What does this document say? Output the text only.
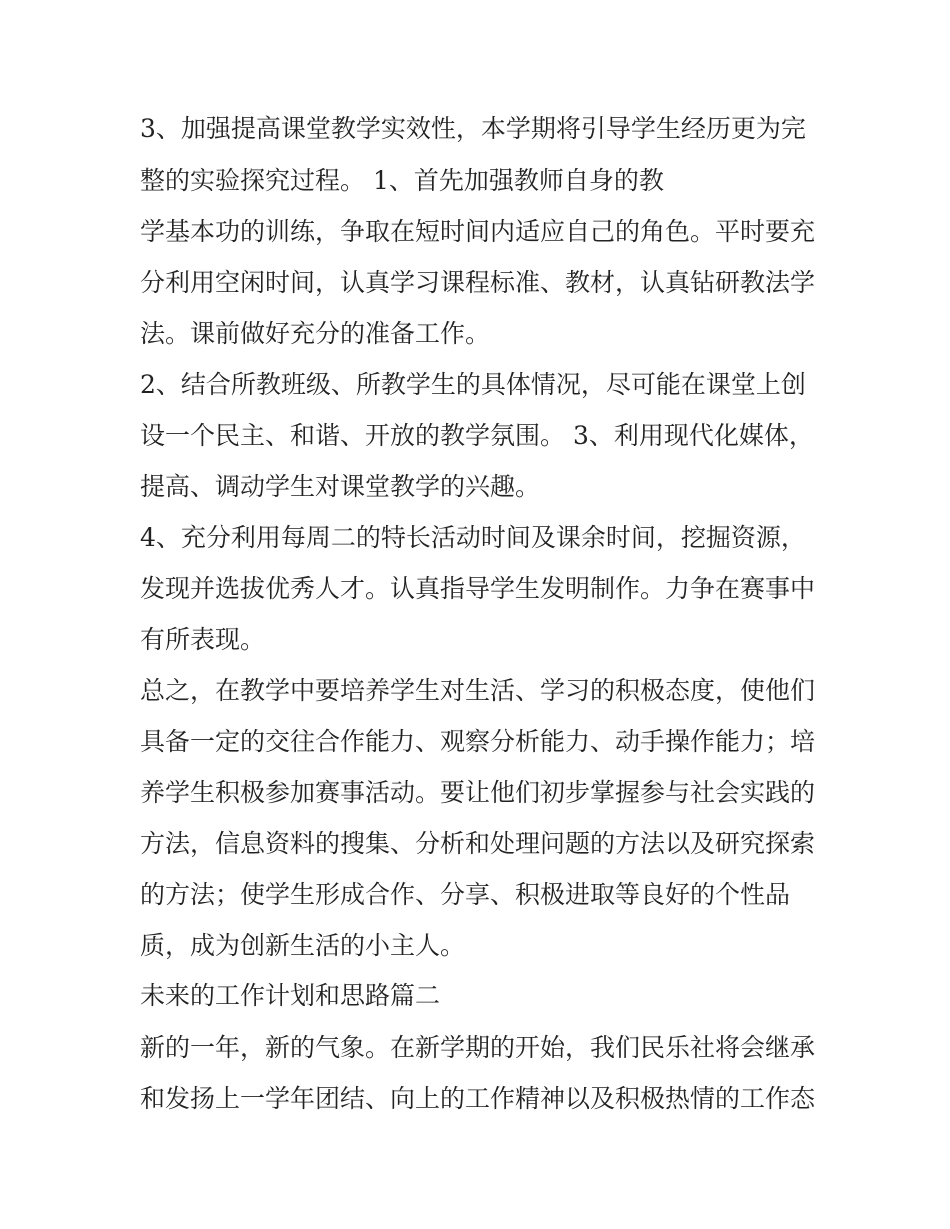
3、加强提高课堂教学实效性，本学期将引导学生经历更为完
整的实验探究过程。 1、首先加强教师自身的教
学基本功的训练，争取在短时间内适应自己的角色。平时要充
分利用空闲时间，认真学习课程标准、教材，认真钻研教法学
法。课前做好充分的准备工作。
2、结合所教班级、所教学生的具体情况，尽可能在课堂上创
设一个民主、和谐、开放的教学氛围。 3、利用现代化媒体，
提高、调动学生对课堂教学的兴趣。
4、充分利用每周二的特长活动时间及课余时间，挖掘资源，
发现并选拔优秀人才。认真指导学生发明制作。力争在赛事中
有所表现。
总之，在教学中要培养学生对生活、学习的积极态度，使他们
具备一定的交往合作能力、观察分析能力、动手操作能力；培
养学生积极参加赛事活动。要让他们初步掌握参与社会实践的
方法，信息资料的搜集、分析和处理问题的方法以及研究探索
的方法；使学生形成合作、分享、积极进取等良好的个性品
质，成为创新生活的小主人。
未来的工作计划和思路篇二
新的一年，新的气象。在新学期的开始，我们民乐社将会继承
和发扬上一学年团结、向上的工作精神以及积极热情的工作态
